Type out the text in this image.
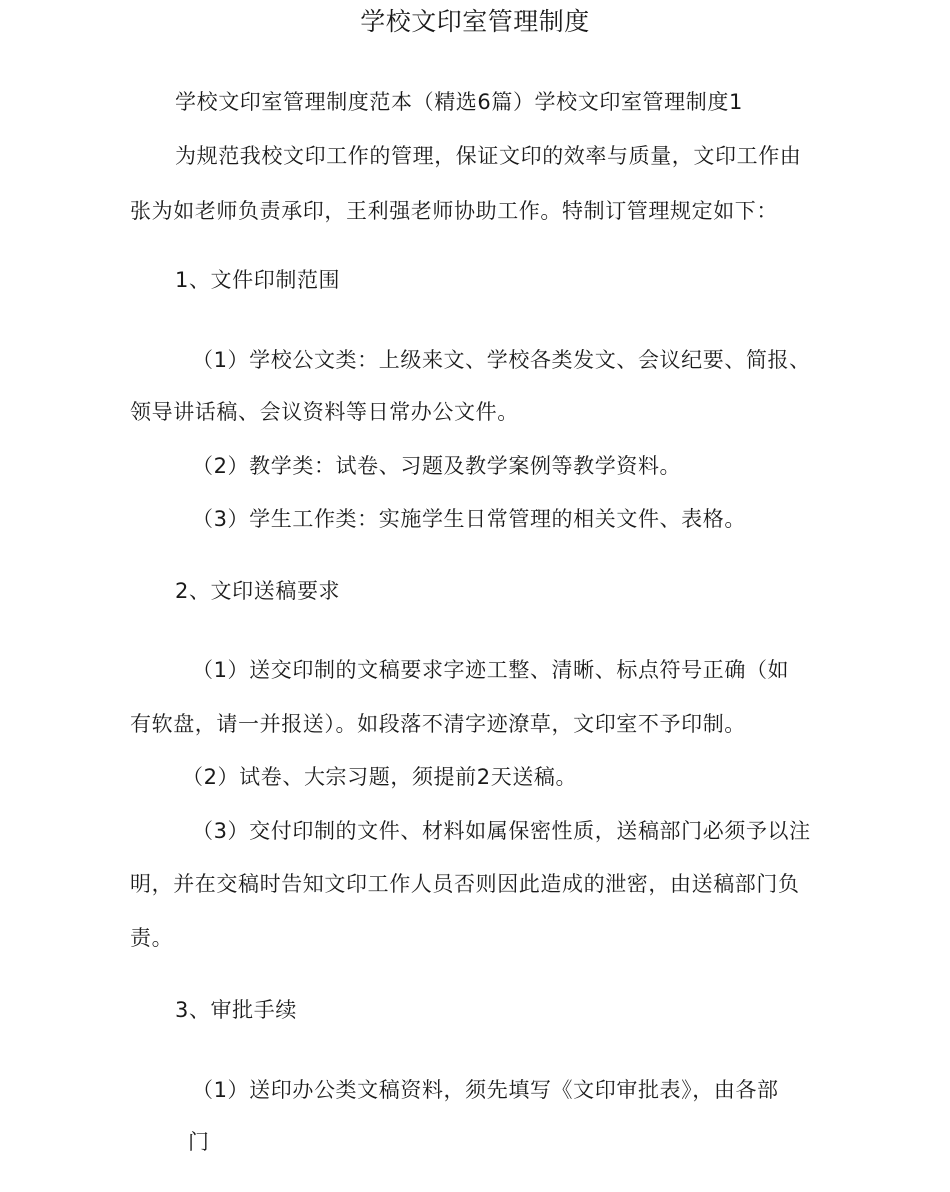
学校文印室管理制度
学校文印室管理制度范本（精选6篇）学校文印室管理制度1
为规范我校文印工作的管理，保证文印的效率与质量，文印工作由
张为如老师负责承印，王利强老师协助工作。特制订管理规定如下：
1、文件印制范围
（1）学校公文类：上级来文、学校各类发文、会议纪要、简报、
领导讲话稿、会议资料等日常办公文件。
（2）教学类：试卷、习题及教学案例等教学资料。
（3）学生工作类：实施学生日常管理的相关文件、表格。
2、文印送稿要求
（1）送交印制的文稿要求字迹工整、清晰、标点符号正确（如
有软盘，请一并报送）。如段落不清字迹潦草，文印室不予印制。
（2）试卷、大宗习题，须提前2天送稿。
（3）交付印制的文件、材料如属保密性质，送稿部门必须予以注
明，并在交稿时告知文印工作人员否则因此造成的泄密，由送稿部门负
责。
3、审批手续
（1）送印办公类文稿资料，须先填写《文印审批表》，由各部
门
